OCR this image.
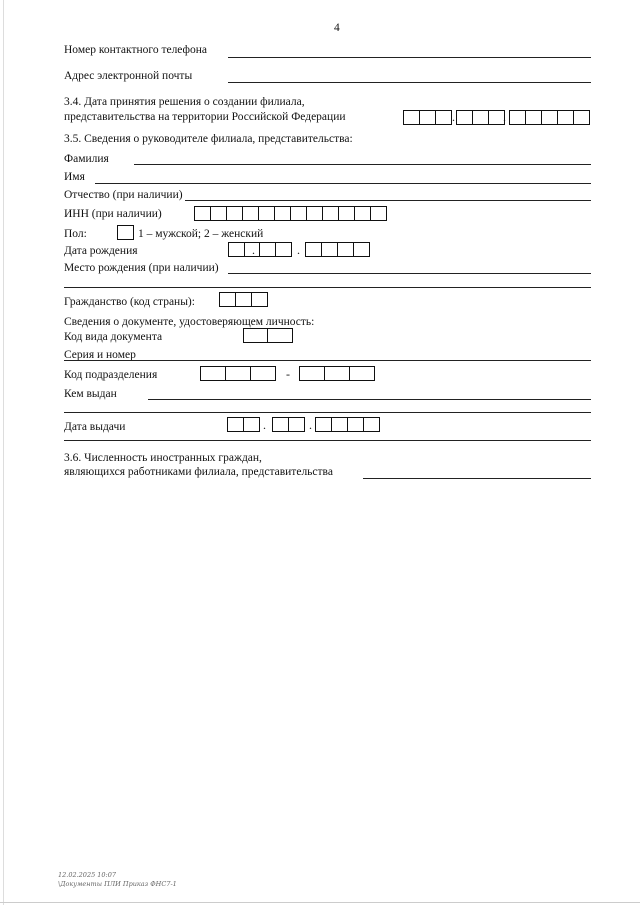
4
Номер контактного телефона
Адрес электронной почты
3.4. Дата принятия решения о создании филиала,
представительства на территории Российской Федерации	.	.
3.5. Сведения о руководителе филиала, представительства:
Фамилия
Имя
Отчество (при наличии)
ИНН (при наличии)
Пол:	1 – мужской; 2 – женский
Дата рождения	.	.
Место рождения (при наличии)
Гражданство (код страны):
Сведения о документе, удостоверяющем личность:
Код вида документа
Серия и номер
Код подразделения	-
Кем выдан
Дата выдачи	.	.
3.6. Численность иностранных граждан,
являющихся работниками филиала, представительства
12.02.2025 10:07
\Документы ПЛИ Приказ ФНС7-1
